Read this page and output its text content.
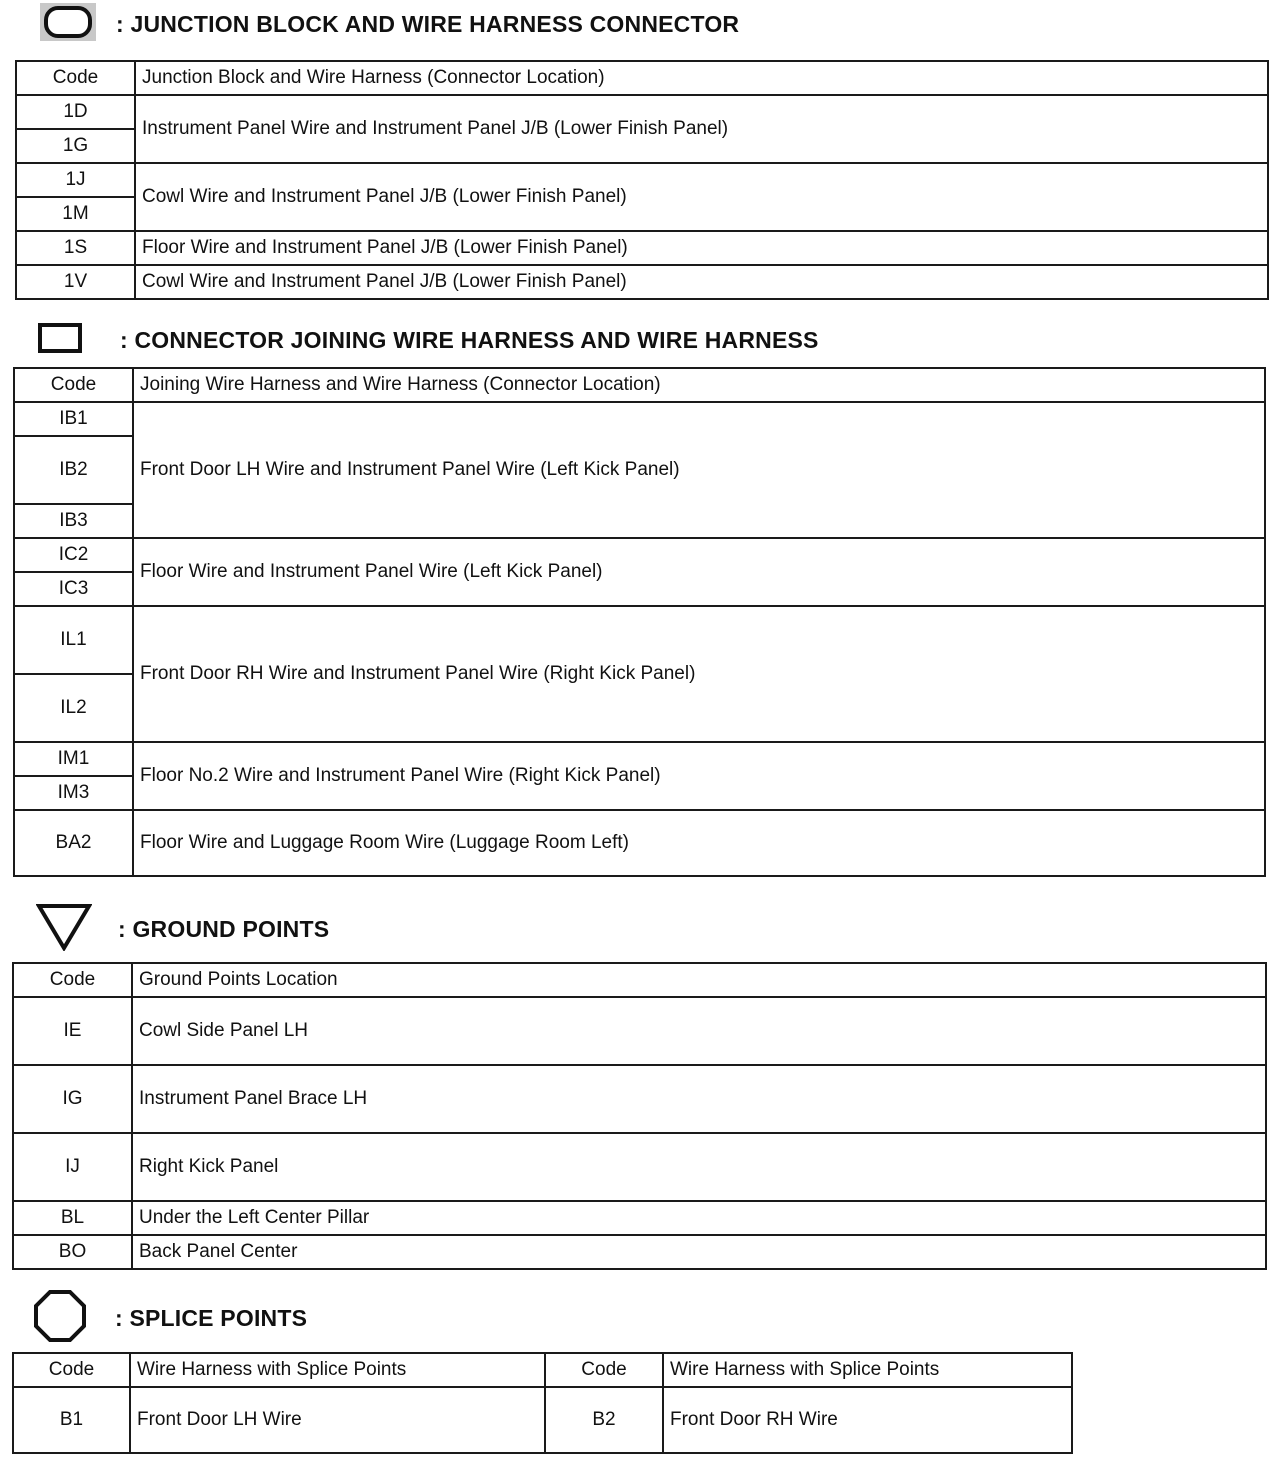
: JUNCTION BLOCK AND WIRE HARNESS CONNECTOR
Code	Junction Block and Wire Harness (Connector Location)
1D	Instrument Panel Wire and Instrument Panel J/B (Lower Finish Panel)
1G	
1J	Cowl Wire and Instrument Panel J/B (Lower Finish Panel)
1M	
1S	Floor Wire and Instrument Panel J/B (Lower Finish Panel)
1V	Cowl Wire and Instrument Panel J/B (Lower Finish Panel)
: CONNECTOR JOINING WIRE HARNESS AND WIRE HARNESS
Code	Joining Wire Harness and Wire Harness (Connector Location)
IB1	Front Door LH Wire and Instrument Panel Wire (Left Kick Panel)
IB2	
IB3	
IC2	Floor Wire and Instrument Panel Wire (Left Kick Panel)
IC3	
IL1	Front Door RH Wire and Instrument Panel Wire (Right Kick Panel)
IL2	
IM1	Floor No.2 Wire and Instrument Panel Wire (Right Kick Panel)
IM3	
BA2	Floor Wire and Luggage Room Wire (Luggage Room Left)
: GROUND POINTS
Code	Ground Points Location
IE	Cowl Side Panel LH
IG	Instrument Panel Brace LH
IJ	Right Kick Panel
BL	Under the Left Center Pillar
BO	Back Panel Center
: SPLICE POINTS
Code	Wire Harness with Splice Points	Code	Wire Harness with Splice Points
B1	Front Door LH Wire	B2	Front Door RH Wire
